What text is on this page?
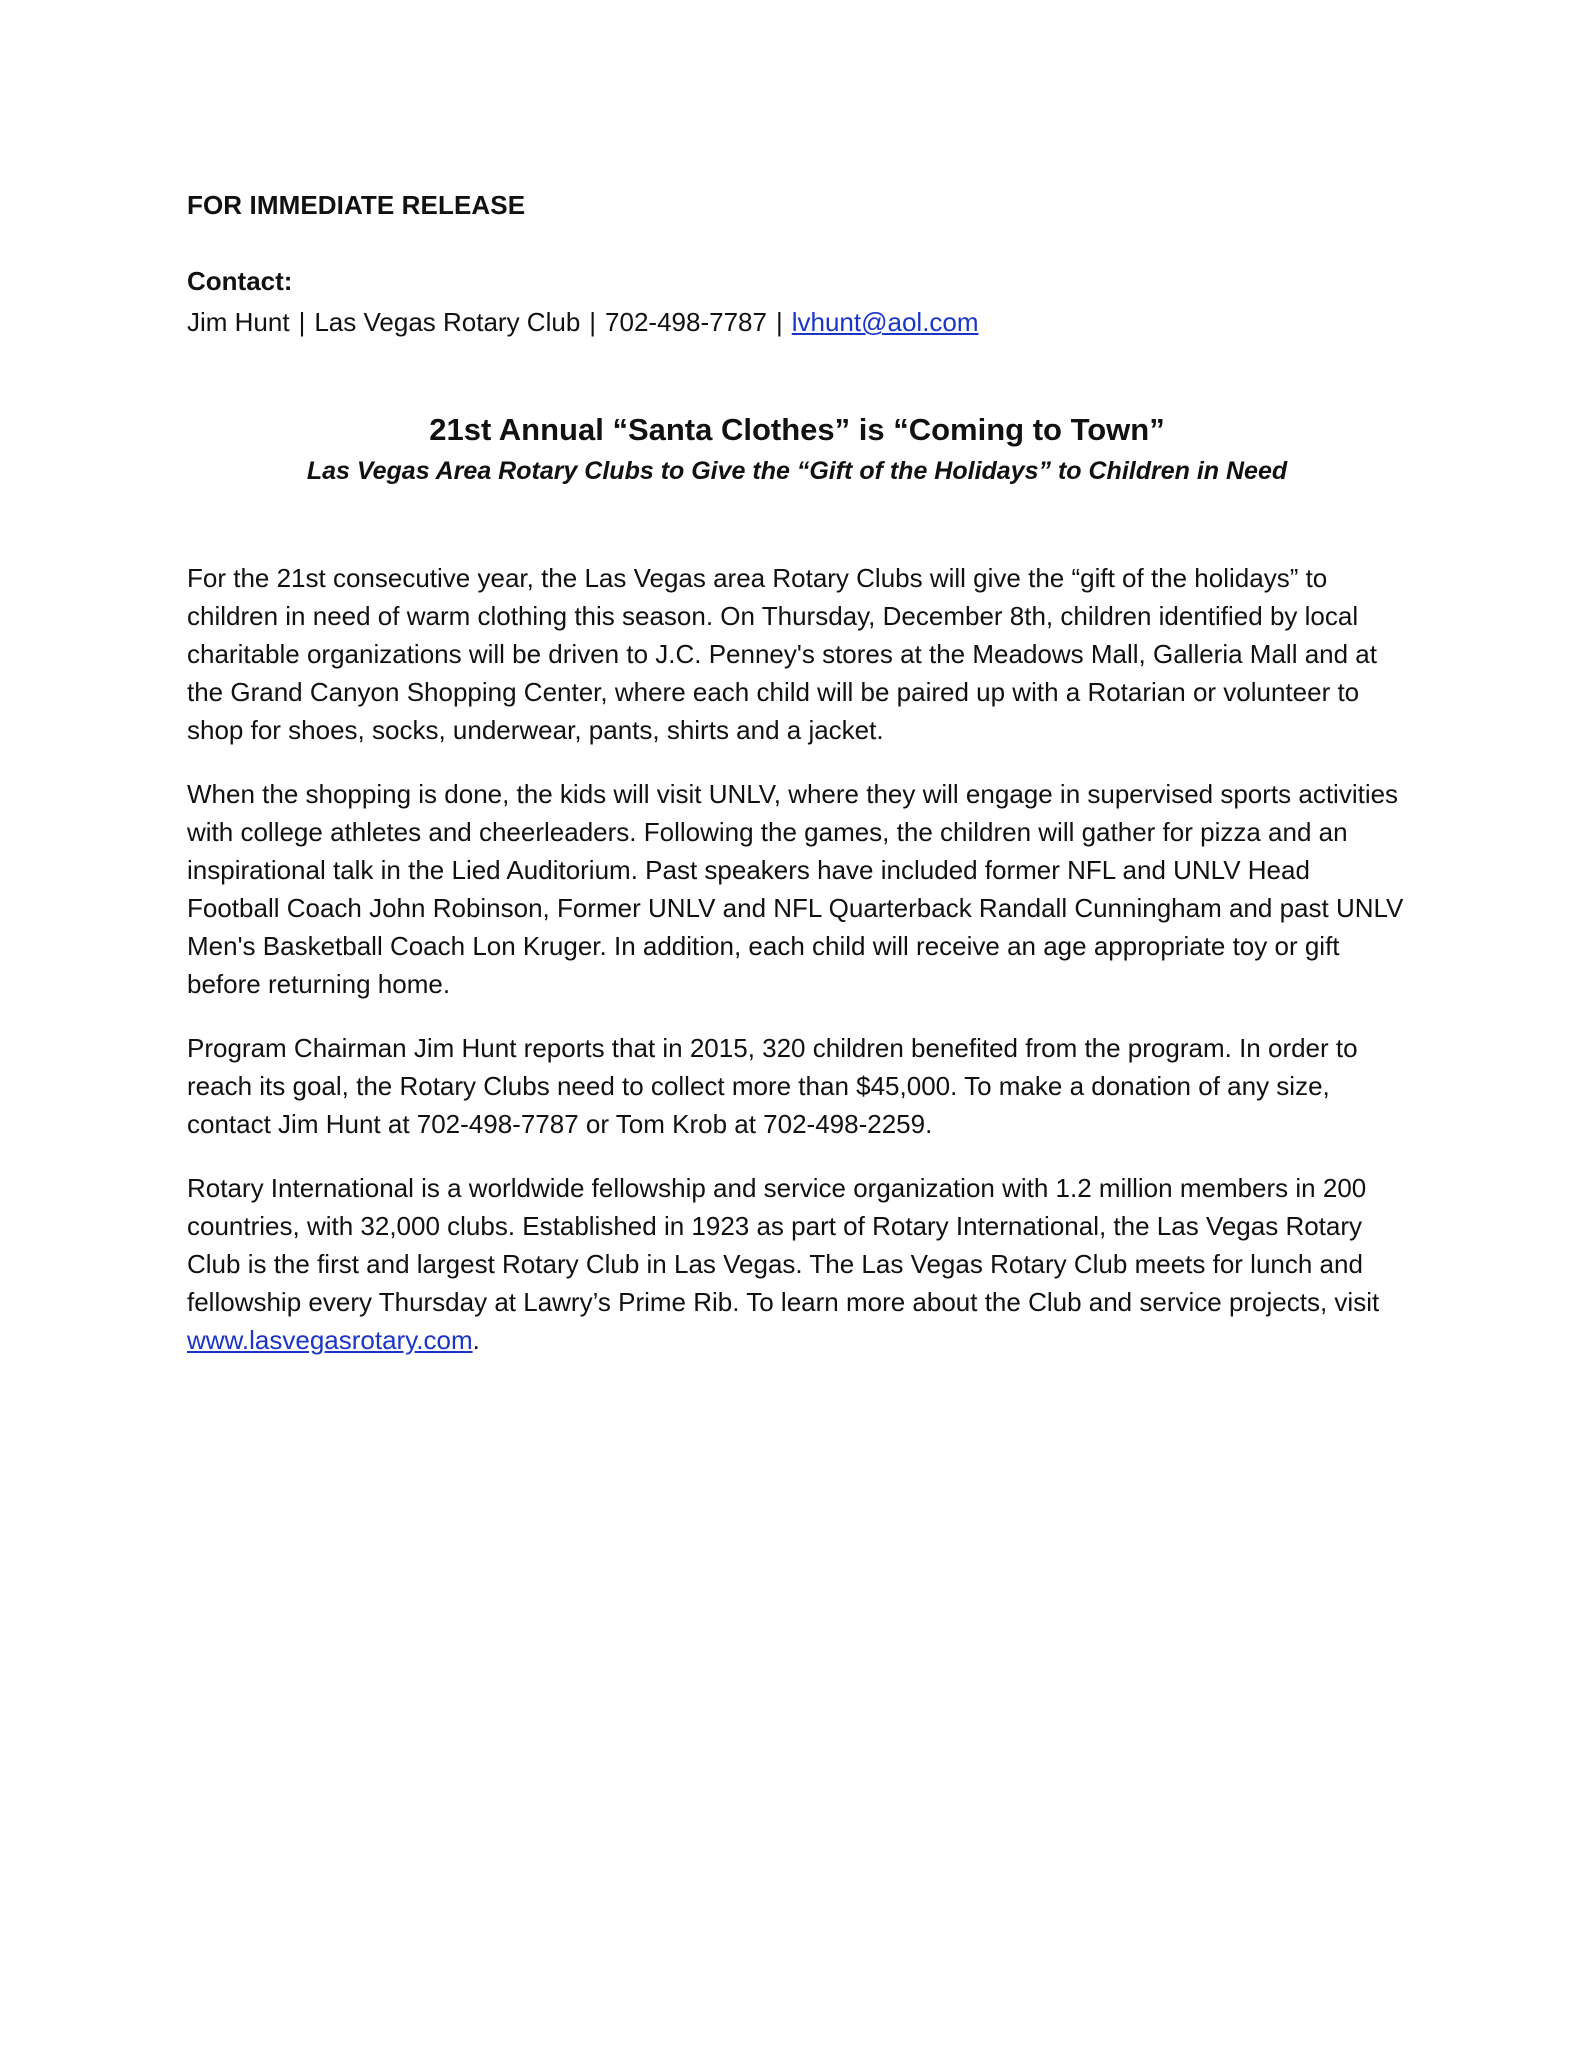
FOR IMMEDIATE RELEASE

Contact:

Jim Hunt | Las Vegas Rotary Club | 702-498-7787 | lvhunt@aol.com

21st Annual “Santa Clothes” is “Coming to Town”
Las Vegas Area Rotary Clubs to Give the “Gift of the Holidays” to Children in Need

For the 21st consecutive year, the Las Vegas area Rotary Clubs will give the “gift of the holidays” to children in need of warm clothing this season. On Thursday, December 8th, children identified by local charitable organizations will be driven to J.C. Penney's stores at the Meadows Mall, Galleria Mall and at the Grand Canyon Shopping Center, where each child will be paired up with a Rotarian or volunteer to shop for shoes, socks, underwear, pants, shirts and a jacket.

When the shopping is done, the kids will visit UNLV, where they will engage in supervised sports activities with college athletes and cheerleaders. Following the games, the children will gather for pizza and an inspirational talk in the Lied Auditorium. Past speakers have included former NFL and UNLV Head Football Coach John Robinson, Former UNLV and NFL Quarterback Randall Cunningham and past UNLV Men's Basketball Coach Lon Kruger. In addition, each child will receive an age appropriate toy or gift before returning home.

Program Chairman Jim Hunt reports that in 2015, 320 children benefited from the program. In order to reach its goal, the Rotary Clubs need to collect more than $45,000. To make a donation of any size, contact Jim Hunt at 702-498-7787 or Tom Krob at 702-498-2259.

Rotary International is a worldwide fellowship and service organization with 1.2 million members in 200 countries, with 32,000 clubs. Established in 1923 as part of Rotary International, the Las Vegas Rotary Club is the first and largest Rotary Club in Las Vegas. The Las Vegas Rotary Club meets for lunch and fellowship every Thursday at Lawry’s Prime Rib. To learn more about the Club and service projects, visit www.lasvegasrotary.com.
